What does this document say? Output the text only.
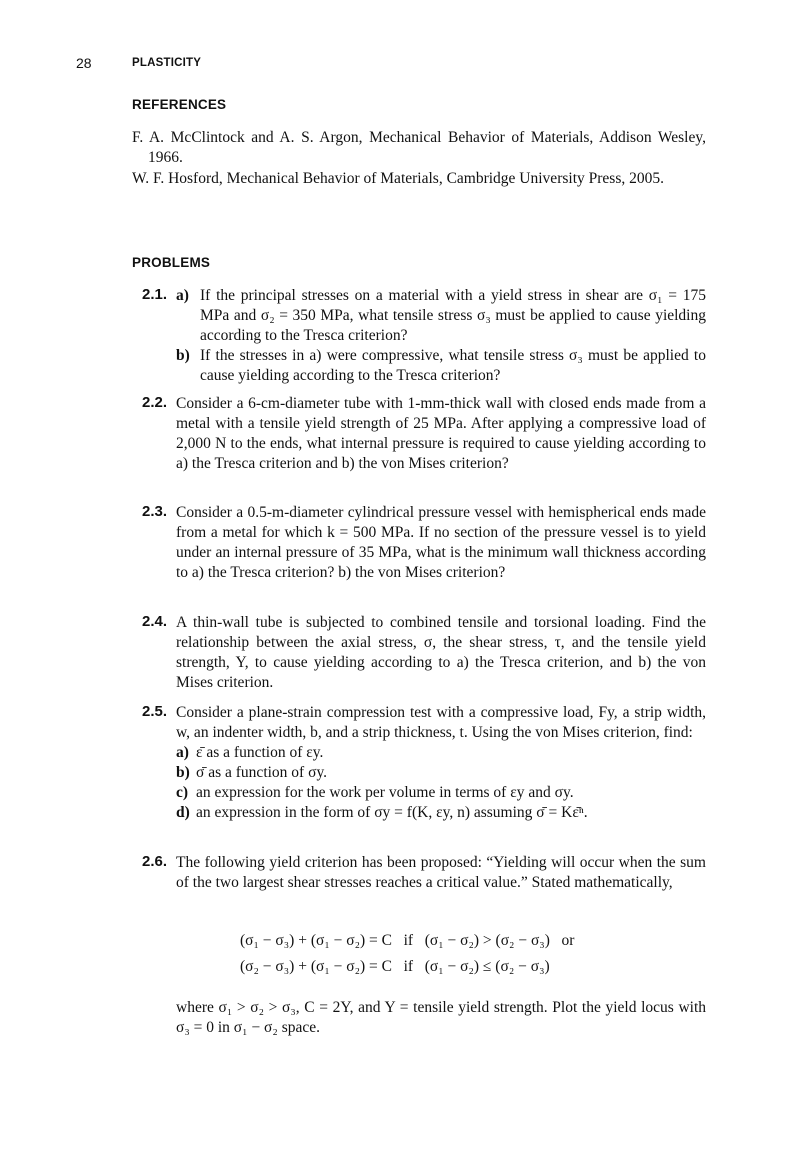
28	PLASTICITY
REFERENCES
F. A. McClintock and A. S. Argon, Mechanical Behavior of Materials, Addison Wesley, 1966.
W. F. Hosford, Mechanical Behavior of Materials, Cambridge University Press, 2005.
PROBLEMS
2.1. a) If the principal stresses on a material with a yield stress in shear are σ₁ = 175 MPa and σ₂ = 350 MPa, what tensile stress σ₃ must be applied to cause yielding according to the Tresca criterion?
b) If the stresses in a) were compressive, what tensile stress σ₃ must be applied to cause yielding according to the Tresca criterion?
2.2. Consider a 6-cm-diameter tube with 1-mm-thick wall with closed ends made from a metal with a tensile yield strength of 25 MPa. After applying a compressive load of 2,000 N to the ends, what internal pressure is required to cause yielding according to a) the Tresca criterion and b) the von Mises criterion?
2.3. Consider a 0.5-m-diameter cylindrical pressure vessel with hemispherical ends made from a metal for which k = 500 MPa. If no section of the pressure vessel is to yield under an internal pressure of 35 MPa, what is the minimum wall thickness according to a) the Tresca criterion? b) the von Mises criterion?
2.4. A thin-wall tube is subjected to combined tensile and torsional loading. Find the relationship between the axial stress, σ, the shear stress, τ, and the tensile yield strength, Y, to cause yielding according to a) the Tresca criterion, and b) the von Mises criterion.
2.5. Consider a plane-strain compression test with a compressive load, Fy, a strip width, w, an indenter width, b, and a strip thickness, t. Using the von Mises criterion, find:
a) ε̄ as a function of εy.
b) σ̄ as a function of σy.
c) an expression for the work per volume in terms of εy and σy.
d) an expression in the form of σy = f(K, εy, n) assuming σ̄ = Kε̄ⁿ.
2.6. The following yield criterion has been proposed: “Yielding will occur when the sum of the two largest shear stresses reaches a critical value.” Stated mathematically,
(σ₁ − σ₃) + (σ₁ − σ₂) = C   if   (σ₁ − σ₂) > (σ₂ − σ₃)   or
(σ₂ − σ₃) + (σ₁ − σ₂) = C   if   (σ₁ − σ₂) ≤ (σ₂ − σ₃)
where σ₁ > σ₂ > σ₃, C = 2Y, and Y = tensile yield strength. Plot the yield locus with σ₃ = 0 in σ₁ − σ₂ space.
